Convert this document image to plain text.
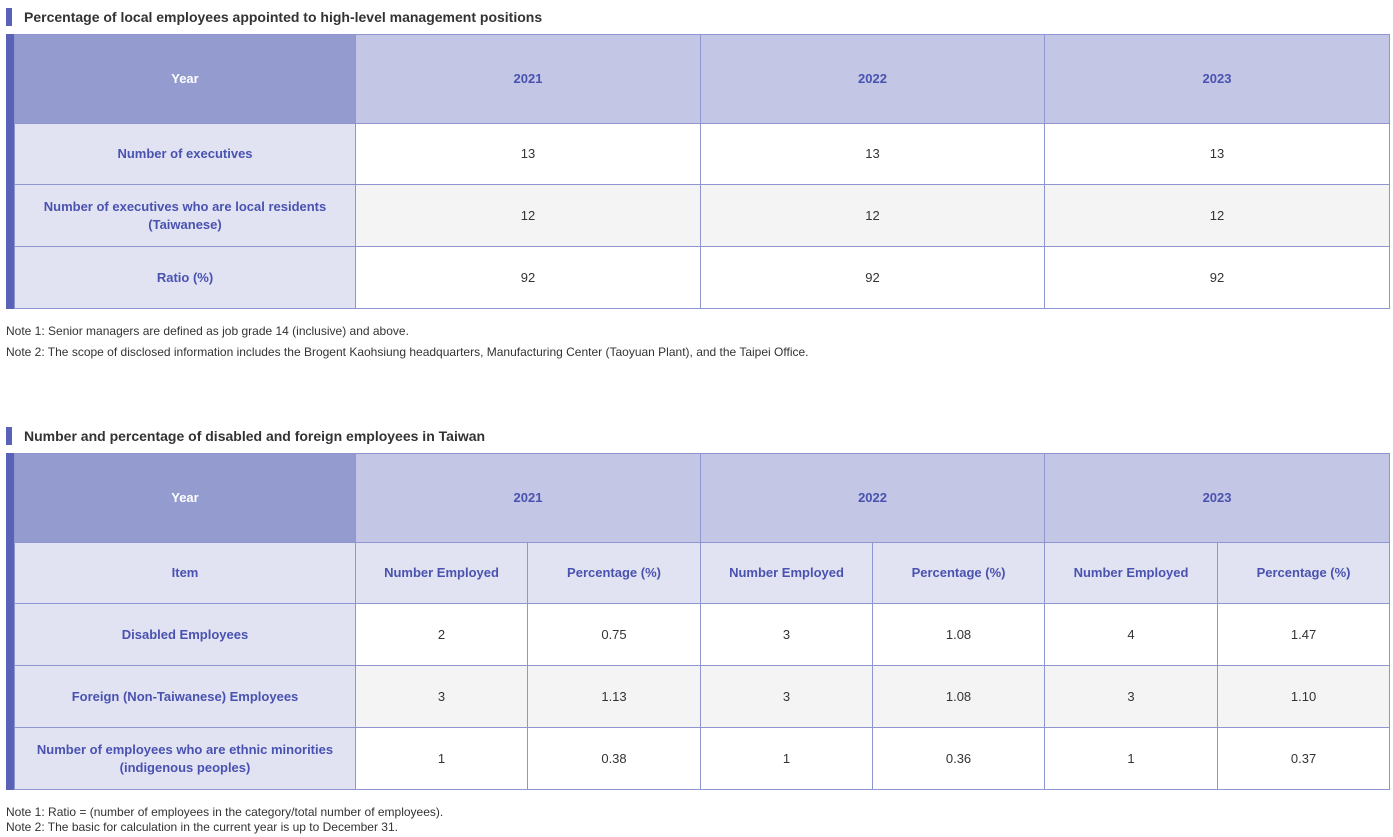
Percentage of local employees appointed to high-level management positions
Year	2021	2022	2023
Number of executives	13	13	13
Number of executives who are local residents (Taiwanese)	12	12	12
Ratio (%)	92	92	92
Note 1: Senior managers are defined as job grade 14 (inclusive) and above.
Note 2: The scope of disclosed information includes the Brogent Kaohsiung headquarters, Manufacturing Center (Taoyuan Plant), and the Taipei Office.
Number and percentage of disabled and foreign employees in Taiwan
Year	2021		2022		2023	
Item	Number Employed	Percentage (%)	Number Employed	Percentage (%)	Number Employed	Percentage (%)
Disabled Employees	2	0.75	3	1.08	4	1.47
Foreign (Non-Taiwanese) Employees	3	1.13	3	1.08	3	1.10
Number of employees who are ethnic minorities (indigenous peoples)	1	0.38	1	0.36	1	0.37
Note 1: Ratio = (number of employees in the category/total number of employees).
Note 2: The basic for calculation in the current year is up to December 31.
